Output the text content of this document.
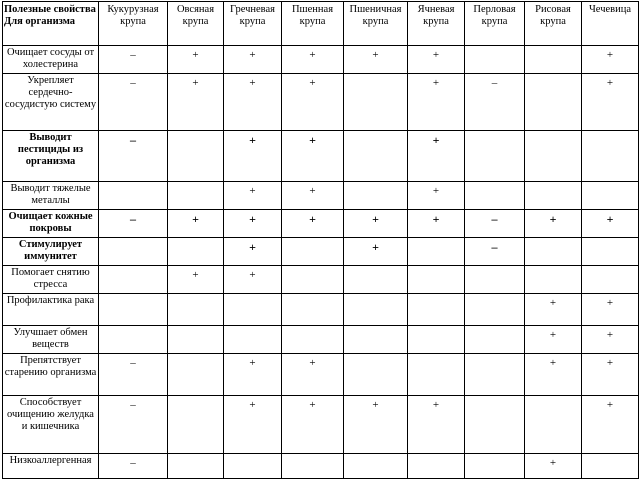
Полезные свойства Для организма	Кукурузная крупа	Овсяная крупа	Гречневая крупа	Пшенная крупа	Пшеничная крупа	Ячневая крупа	Перловая крупа	Рисовая крупа	Чечевица
Очищает сосуды от холестерина	–	+	+	+	+	+			+
Укрепляет сердечно-сосудистую систему	–	+	+	+		+	–		+
Выводит пестициды из организма	–		+	+		+			
Выводит тяжелые металлы			+	+		+			
Очищает кожные покровы	–	+	+	+	+	+	–	+	+
Стимулирует иммунитет			+		+		–		
Помогает снятию стресса		+	+						
Профилактика рака								+	+
Улучшает обмен веществ								+	+
Препятствует старению организма	–		+	+				+	+
Способствует очищению желудка и кишечника	–		+	+	+	+			+
Низкоаллергенная	–							+	
